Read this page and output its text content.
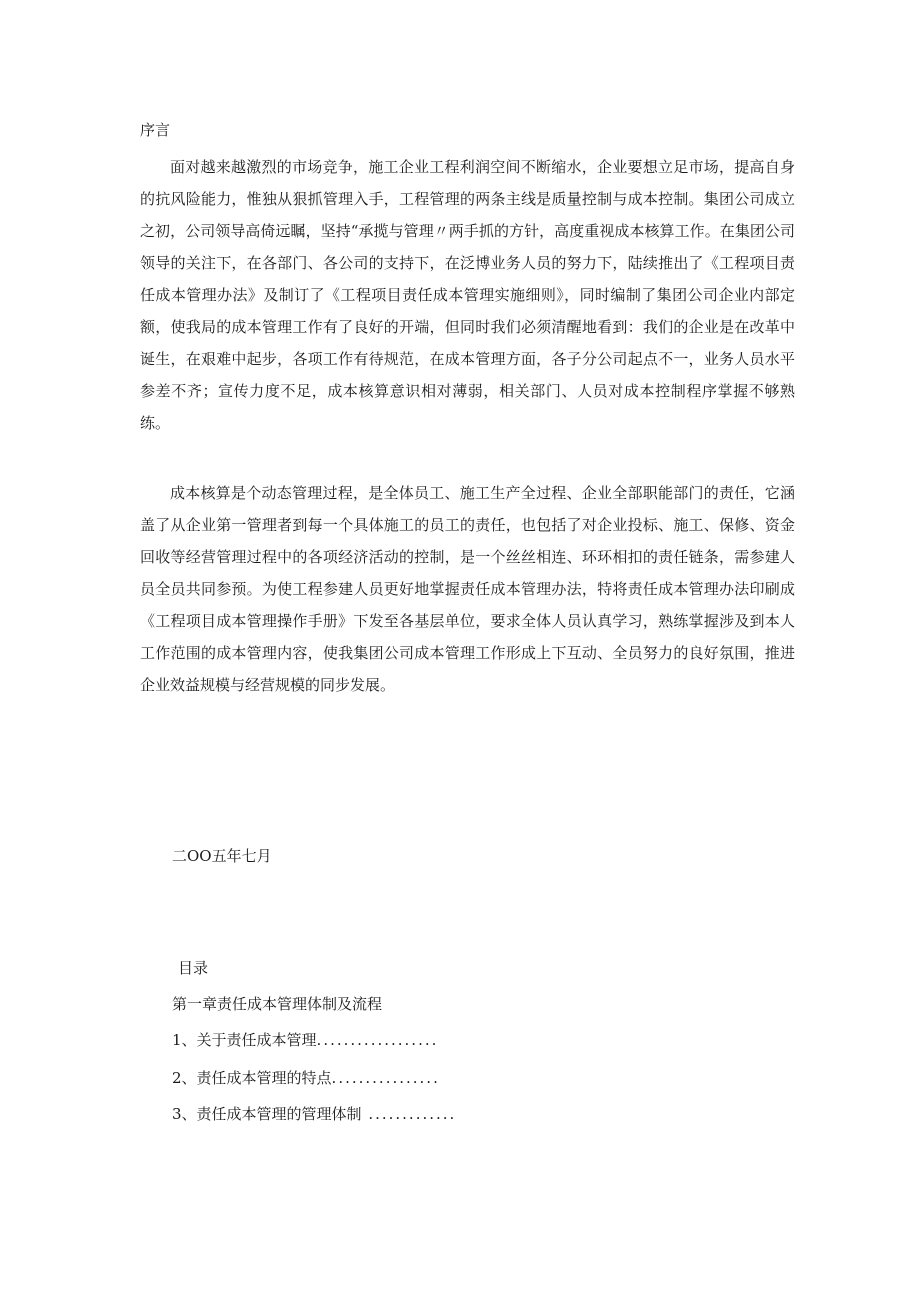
序言

面对越来越激烈的市场竞争，施工企业工程利润空间不断缩水，企业要想立足市场，提高自身的抗风险能力，惟独从狠抓管理入手，工程管理的两条主线是质量控制与成本控制。集团公司成立之初，公司领导高倚远瞩，坚持“承揽与管理〃两手抓的方针，高度重视成本核算工作。在集团公司领导的关注下，在各部门、各公司的支持下，在泛博业务人员的努力下，陆续推出了《工程项目责任成本管理办法》及制订了《工程项目责任成本管理实施细则》，同时编制了集团公司企业内部定额，使我局的成本管理工作有了良好的开端，但同时我们必须清醒地看到：我们的企业是在改革中诞生，在艰难中起步，各项工作有待规范，在成本管理方面，各子分公司起点不一，业务人员水平参差不齐；宣传力度不足，成本核算意识相对薄弱，相关部门、人员对成本控制程序掌握不够熟练。

成本核算是个动态管理过程，是全体员工、施工生产全过程、企业全部职能部门的责任，它涵盖了从企业第一管理者到每一个具体施工的员工的责任，也包括了对企业投标、施工、保修、资金回收等经营管理过程中的各项经济活动的控制，是一个丝丝相连、环环相扣的责任链条，需参建人员全员共同参预。为使工程参建人员更好地掌握责任成本管理办法，特将责任成本管理办法印刷成《工程项目成本管理操作手册》下发至各基层单位，要求全体人员认真学习，熟练掌握涉及到本人工作范围的成本管理内容，使我集团公司成本管理工作形成上下互动、全员努力的良好氛围，推进企业效益规模与经营规模的同步发展。

二OO五年七月
目录
第一章责任成本管理体制及流程
1、关于责任成本管理..................
2、责任成本管理的特点................
3、责任成本管理的管理体制 .............
